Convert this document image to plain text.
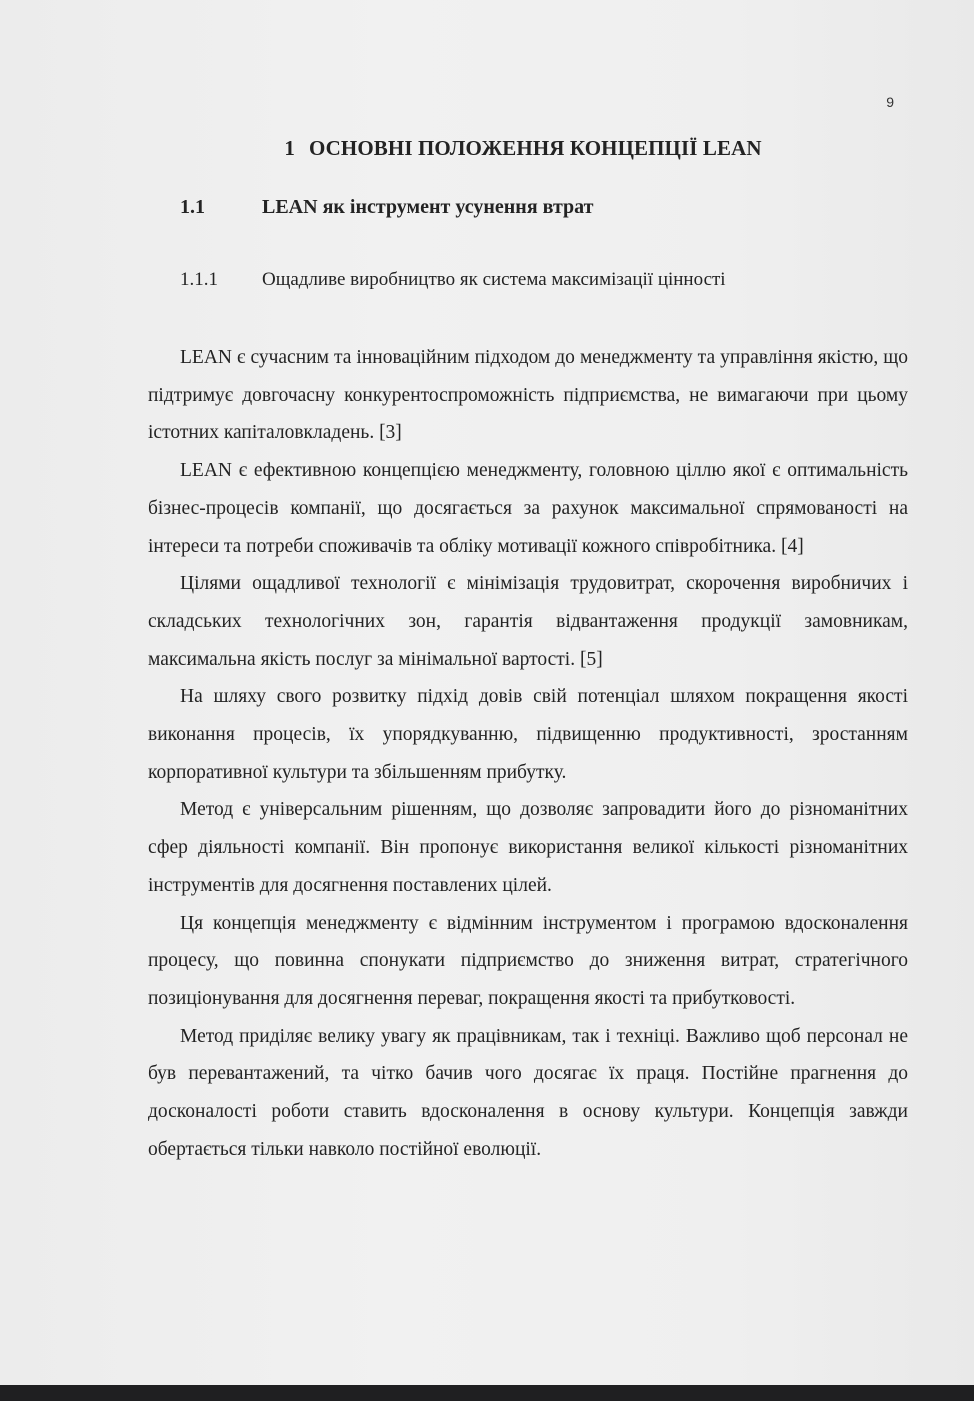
9
1 ОСНОВНІ ПОЛОЖЕННЯ КОНЦЕПЦІЇ LEAN
1.1	LEAN як інструмент усунення втрат
1.1.1 Ощадливе виробництво як система максимізації цінності

LEAN є сучасним та інноваційним підходом до менеджменту та управління якістю, що підтримує довгочасну конкурентоспроможність підприємства, не вимагаючи при цьому істотних капіталовкладень. [3]

LEAN є ефективною концепцією менеджменту, головною ціллю якої є оптимальність бізнес-процесів компанії, що досягається за рахунок максимальної спрямованості на інтереси та потреби споживачів та обліку мотивації кожного співробітника. [4]

Цілями ощадливої технології є мінімізація трудовитрат, скорочення виробничих і складських технологічних зон, гарантія відвантаження продукції замовникам, максимальна якість послуг за мінімальної вартості. [5]

На шляху свого розвитку підхід довів свій потенціал шляхом покращення якості виконання процесів, їх упорядкуванню, підвищенню продуктивності, зростанням корпоративної культури та збільшенням прибутку.

Метод є універсальним рішенням, що дозволяє запровадити його до різноманітних сфер діяльності компанії. Він пропонує використання великої кількості різноманітних інструментів для досягнення поставлених цілей.

Ця концепція менеджменту є відмінним інструментом і програмою вдосконалення процесу, що повинна спонукати підприємство до зниження витрат, стратегічного позиціонування для досягнення переваг, покращення якості та прибутковості.

Метод приділяє велику увагу як працівникам, так і техніці. Важливо щоб персонал не був перевантажений, та чітко бачив чого досягає їх праця. Постійне прагнення до досконалості роботи ставить вдосконалення в основу культури. Концепція завжди обертається тільки навколо постійної еволюції.
